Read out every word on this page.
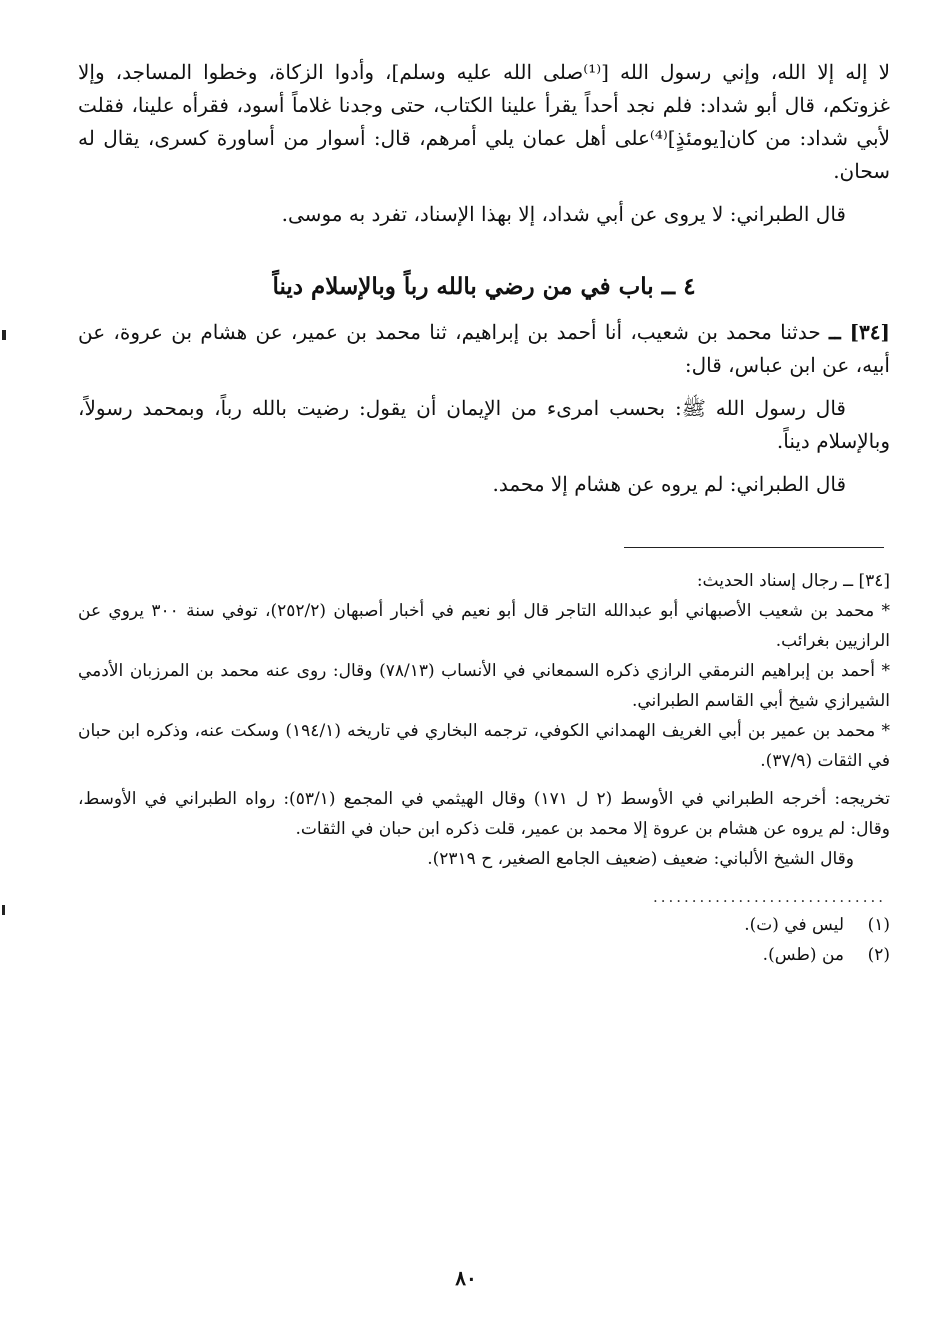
لا إله إلا الله، وإني رسول الله [⁽¹⁾صلى الله عليه وسلم]، وأدوا الزكاة، وخطوا المساجد، وإلا غزوتكم، قال أبو شداد: فلم نجد أحداً يقرأ علينا الكتاب، حتى وجدنا غلاماً أسود، فقرأه علينا، فقلت لأبي شداد: من كان[يومئذٍ]⁽⁴⁾على أهل عمان يلي أمرهم، قال: أسوار من أساورة كسرى، يقال له سحان.

قال الطبراني: لا يروى عن أبي شداد، إلا بهذا الإسناد، تفرد به موسى.

٤ ــ باب في من رضي بالله رباً وبالإسلام ديناً

[٣٤] ــ حدثنا محمد بن شعيب، أنا أحمد بن إبراهيم، ثنا محمد بن عمير، عن هشام بن عروة، عن أبيه، عن ابن عباس، قال:

قال رسول الله ﷺ: بحسب امرىء من الإيمان أن يقول: رضيت بالله رباً، وبمحمد رسولاً، وبالإسلام ديناً.

قال الطبراني: لم يروه عن هشام إلا محمد.

[٣٤] ــ رجال إسناد الحديث:

* محمد بن شعيب الأصبهاني أبو عبدالله التاجر قال أبو نعيم في أخبار أصبهان (٢٥٢/٢)، توفي سنة ٣٠٠ يروي عن الرازيين بغرائب.

* أحمد بن إبراهيم النرمقي الرازي ذكره السمعاني في الأنساب (٧٨/١٣) وقال: روى عنه محمد بن المرزبان الأدمي الشيرازي شيخ أبي القاسم الطبراني.

* محمد بن عمير بن أبي الغريف الهمداني الكوفي، ترجمه البخاري في تاريخه (١٩٤/١) وسكت عنه، وذكره ابن حبان في الثقات (٣٧/٩).

تخريجه: أخرجه الطبراني في الأوسط (٢ ل ١٧١) وقال الهيثمي في المجمع (٥٣/١): رواه الطبراني في الأوسط، وقال: لم يروه عن هشام بن عروة إلا محمد بن عمير، قلت ذكره ابن حبان في الثقات.

وقال الشيخ الألباني: ضعيف (ضعيف الجامع الصغير، ح ٢٣١٩).

..............................
(١)
ليس في (ت).
(٢)
من (طس).
٨٠
